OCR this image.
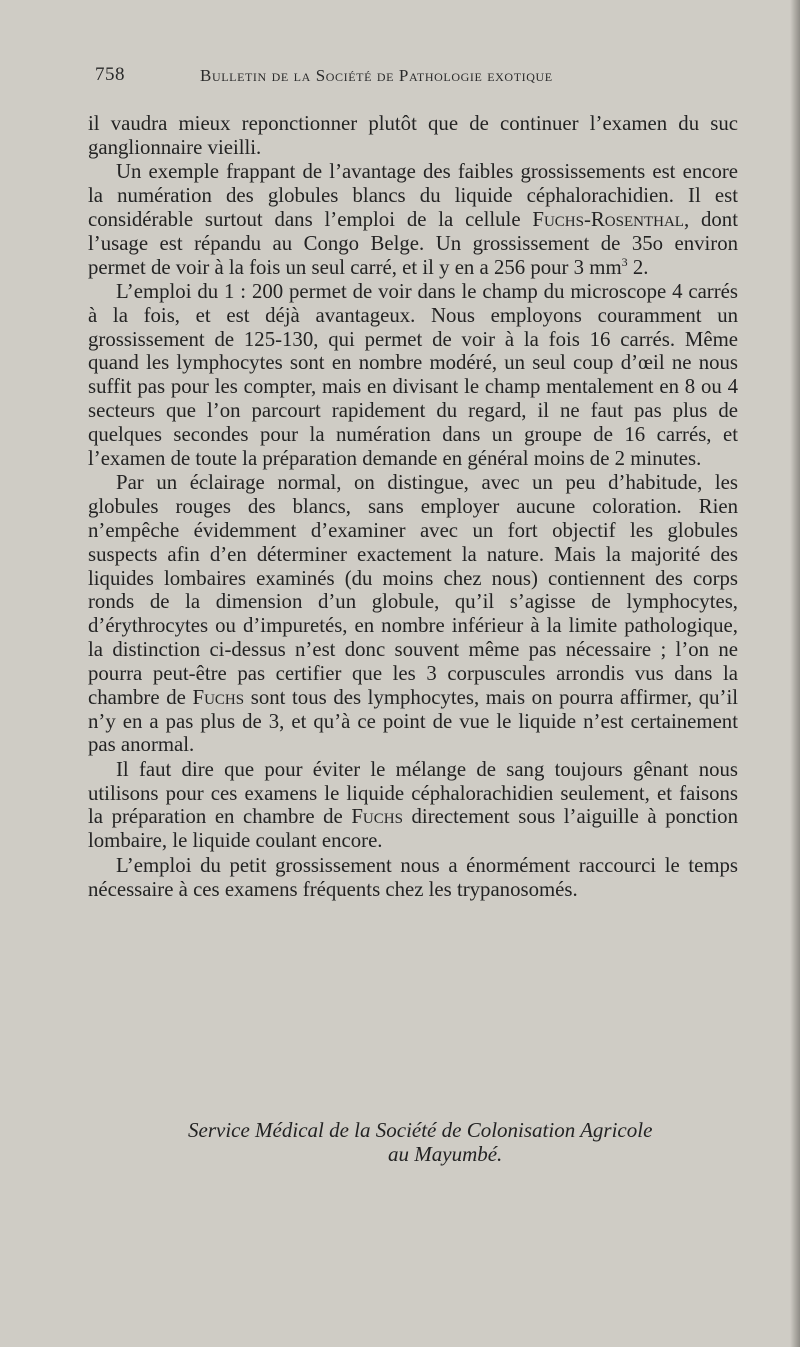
758	Bulletin de la Société de Pathologie exotique

il vaudra mieux reponctionner plutôt que de continuer l’examen du suc ganglionnaire vieilli.

Un exemple frappant de l’avantage des faibles grossissements est encore la numération des globules blancs du liquide céphalorachidien. Il est considérable surtout dans l’emploi de la cellule Fuchs-Rosenthal, dont l’usage est répandu au Congo Belge. Un grossissement de 35o environ permet de voir à la fois un seul carré, et il y en a 256 pour 3 $mm^3$ 2.

L’emploi du 1 : 200 permet de voir dans le champ du microscope 4 carrés à la fois, et est déjà avantageux. Nous employons couramment un grossissement de 125-130, qui permet de voir à la fois 16 carrés. Même quand les lymphocytes sont en nombre modéré, un seul coup d’œil ne nous suffit pas pour les compter, mais en divisant le champ mentalement en 8 ou 4 secteurs que l’on parcourt rapidement du regard, il ne faut pas plus de quelques secondes pour la numération dans un groupe de 16 carrés, et l’examen de toute la préparation demande en général moins de 2 minutes.

Par un éclairage normal, on distingue, avec un peu d’habitude, les globules rouges des blancs, sans employer aucune coloration. Rien n’empêche évidemment d’examiner avec un fort objectif les globules suspects afin d’en déterminer exactement la nature. Mais la majorité des liquides lombaires examinés (du moins chez nous) contiennent des corps ronds de la dimension d’un globule, qu’il s’agisse de lymphocytes, d’érythrocytes ou d’impuretés, en nombre inférieur à la limite pathologique, la distinction ci-dessus n’est donc souvent même pas nécessaire ; l’on ne pourra peut-être pas certifier que les 3 corpuscules arrondis vus dans la chambre de Fuchs sont tous des lymphocytes, mais on pourra affirmer, qu’il n’y en a pas plus de 3, et qu’à ce point de vue le liquide n’est certainement pas anormal.

Il faut dire que pour éviter le mélange de sang toujours gênant nous utilisons pour ces examens le liquide céphalorachidien seulement, et faisons la préparation en chambre de Fuchs directement sous l’aiguille à ponction lombaire, le liquide coulant encore.

L’emploi du petit grossissement nous a énormément raccourci le temps nécessaire à ces examens fréquents chez les trypanosomés.

Service Médical de la Société de Colonisation Agricole
au Mayumbé.
